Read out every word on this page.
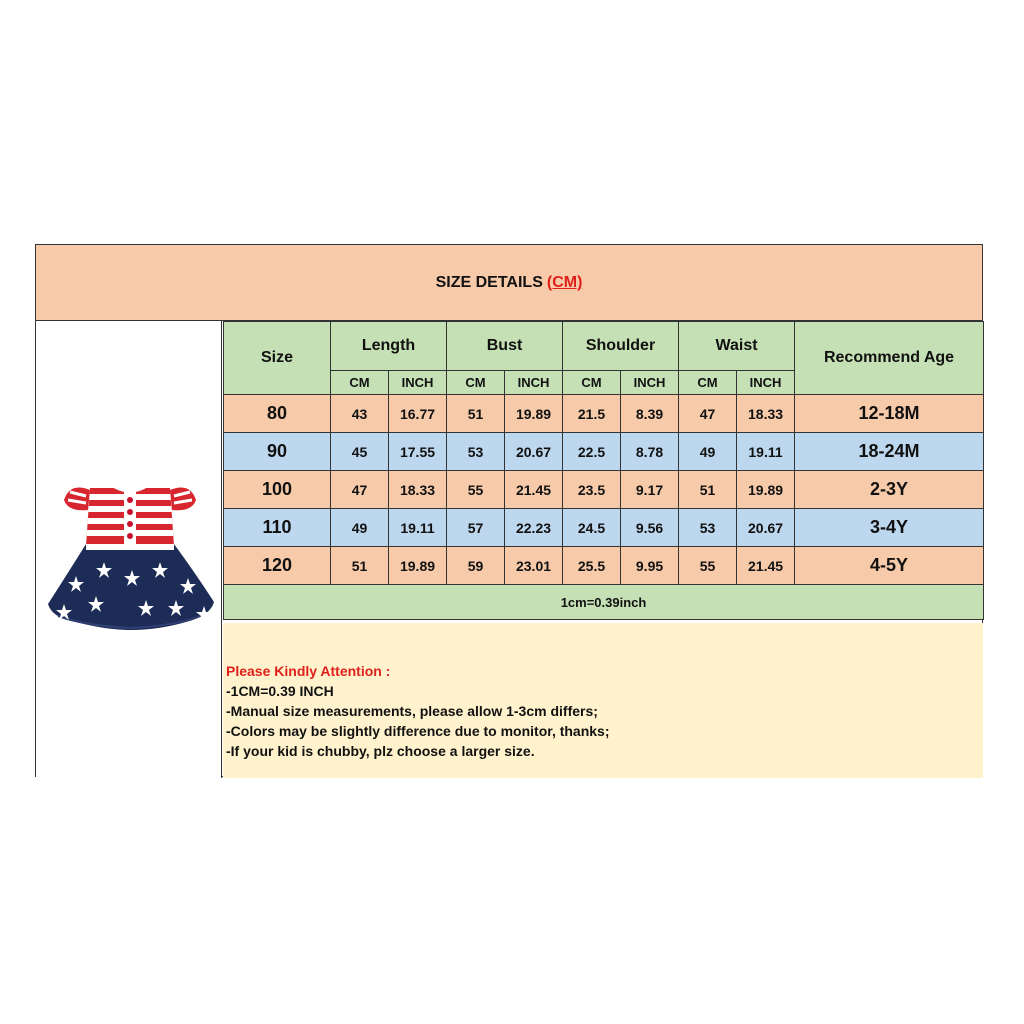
SIZE DETAILS (CM)
Size	Length		Bust		Shoulder		Waist		Recommend Age
	CM	INCH	CM	INCH	CM	INCH	CM	INCH	
80	43	16.77	51	19.89	21.5	8.39	47	18.33	12-18M
90	45	17.55	53	20.67	22.5	8.78	49	19.11	18-24M
100	47	18.33	55	21.45	23.5	9.17	51	19.89	2-3Y
110	49	19.11	57	22.23	24.5	9.56	53	20.67	3-4Y
120	51	19.89	59	23.01	25.5	9.95	55	21.45	4-5Y
1cm=0.39inch									
Please Kindly Attention :
-1CM=0.39 INCH
-Manual size measurements, please allow 1-3cm differs;
-Colors may be slightly difference due to monitor, thanks;
-If your kid is chubby, plz choose a larger size.
